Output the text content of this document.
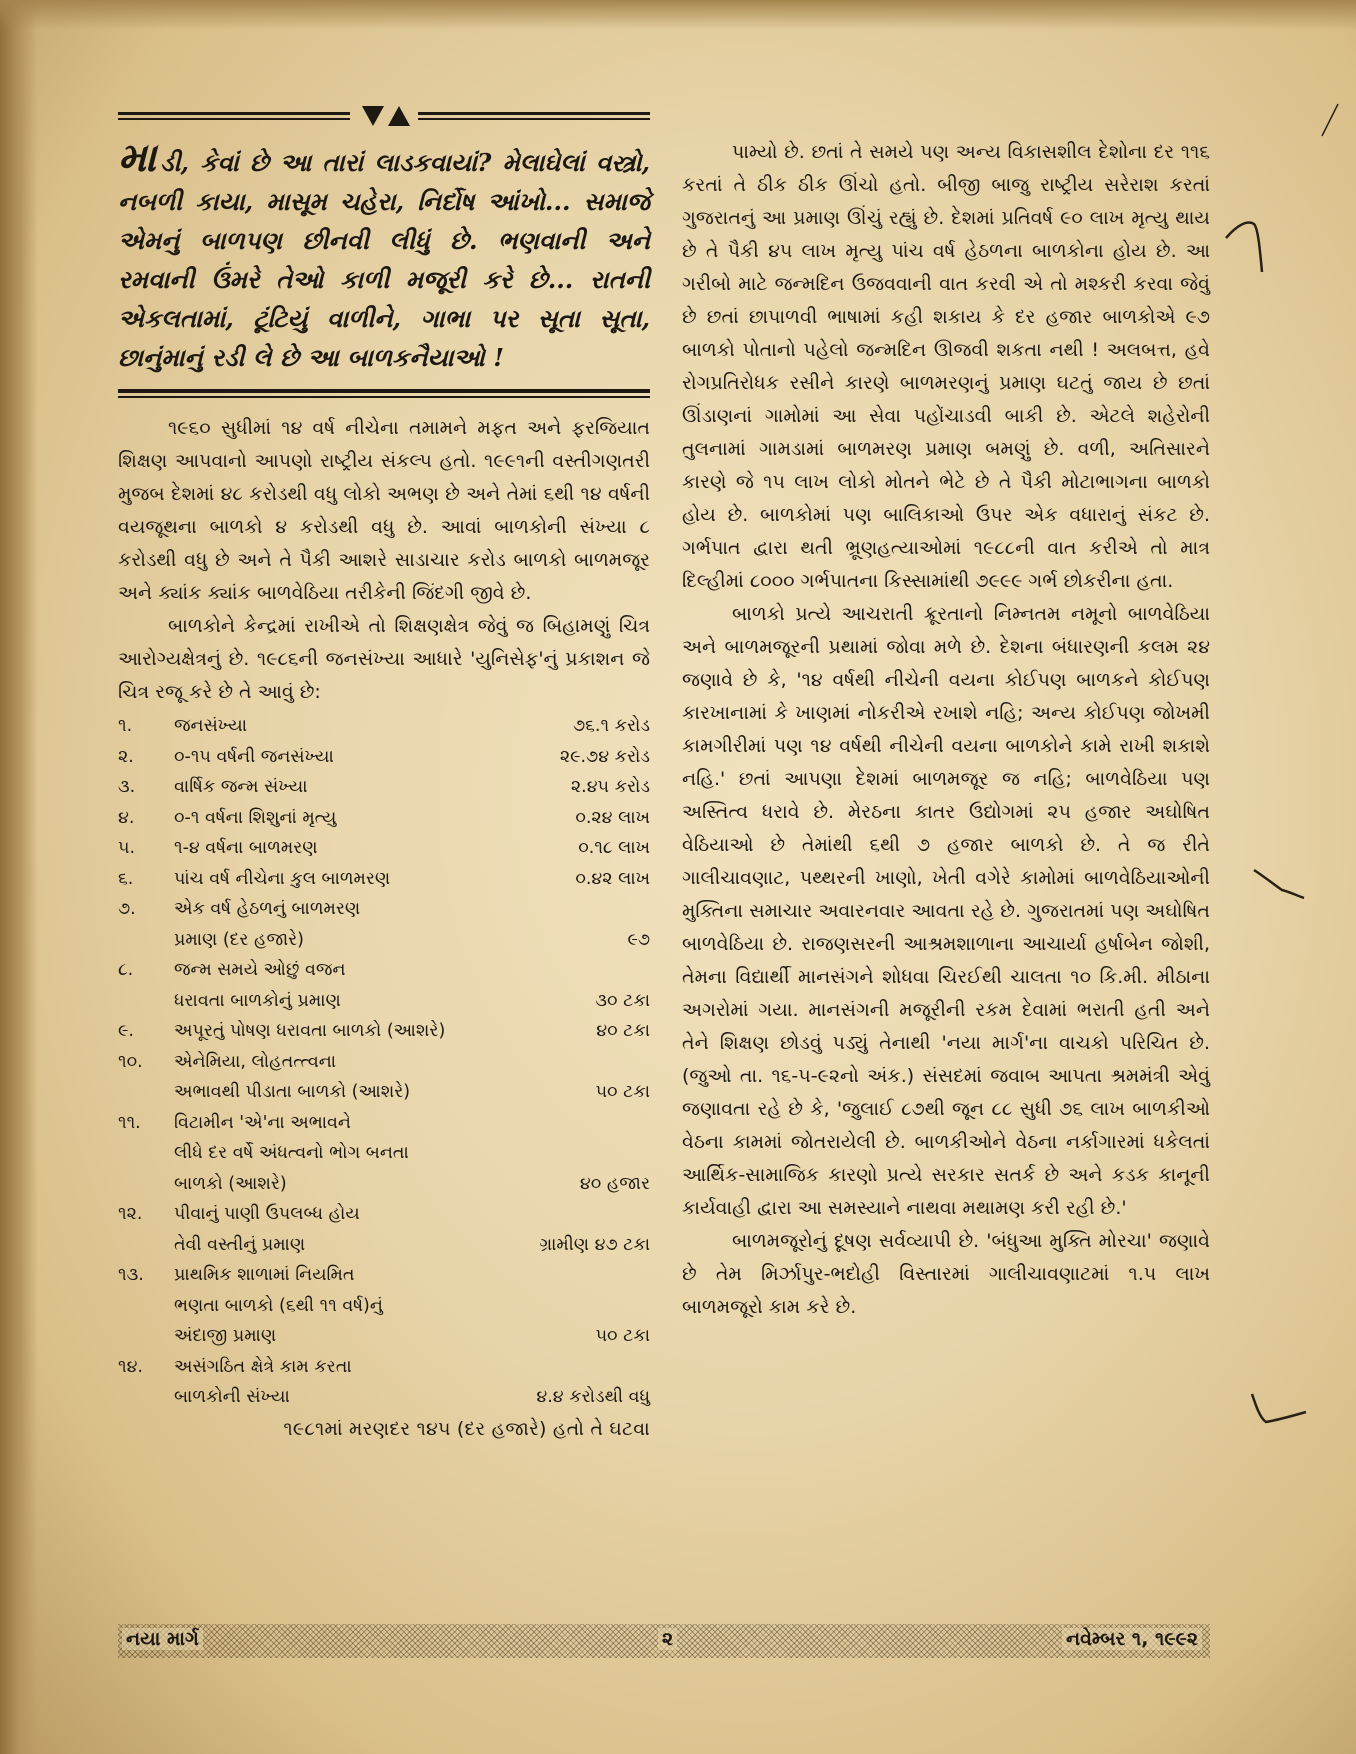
માડી, કેવાં છે આ તારાં લાડકવાયાં? મેલાઘેલાં વસ્ત્રો, નબળી કાયા, માસૂમ ચહેરા, નિર્દોષ આંખો... સમાજે એમનું બાળપણ છીનવી લીધું છે. ભણવાની અને રમવાની ઉંમરે તેઓ કાળી મજૂરી કરે છે... રાતની એકલતામાં, ટૂંટિયું વાળીને, ગાભા પર સૂતા સૂતા, છાનુંમાનું રડી લે છે આ બાળકનૈયાઓ !

૧૯૬૦ સુધીમાં ૧૪ વર્ષ નીચેના તમામને મફત અને ફરજિયાત શિક્ષણ આપવાનો આપણો રાષ્ટ્રીય સંકલ્પ હતો. ૧૯૯૧ની વસ્તીગણતરી મુજબ દેશમાં ૪૮ કરોડથી વધુ લોકો અભણ છે અને તેમાં ૬થી ૧૪ વર્ષની વયજૂથના બાળકો ૪ કરોડથી વધુ છે. આવાં બાળકોની સંખ્યા ૮ કરોડથી વધુ છે અને તે પૈકી આશરે સાડાચાર કરોડ બાળકો બાળમજૂર અને ક્યાંક ક્યાંક બાળવેઠિયા તરીકેની જિંદગી જીવે છે.

બાળકોને કેન્દ્રમાં રાખીએ તો શિક્ષણક્ષેત્ર જેવું જ બિહામણું ચિત્ર આરોગ્યક્ષેત્રનું છે. ૧૯૮૬ની જનસંખ્યા આધારે 'યુનિસેફ'નું પ્રકાશન જે ચિત્ર રજૂ કરે છે તે આવું છે:

૧.	જનસંખ્યા	૭૬.૧ કરોડ
૨.	૦-૧૫ વર્ષની જનસંખ્યા	૨૯.૭૪ કરોડ
૩.	વાર્ષિક જન્મ સંખ્યા	૨.૪૫ કરોડ
૪.	૦-૧ વર્ષના શિશુનાં મૃત્યુ	૦.૨૪ લાખ
૫.	૧-૪ વર્ષના બાળમરણ	૦.૧૮ લાખ
૬.	પાંચ વર્ષ નીચેના કુલ બાળમરણ	૦.૪૨ લાખ
૭.	એક વર્ષ હેઠળનું બાળમરણ	
	પ્રમાણ (દર હજારે)	૯૭
૮.	જન્મ સમયે ઓછું વજન	
	ધરાવતા બાળકોનું પ્રમાણ	૩૦ ટકા
૯.	અપૂરતું પોષણ ધરાવતા બાળકો (આશરે)	૪૦ ટકા
૧૦.	એનેમિયા, લોહતત્ત્વના	
	અભાવથી પીડાતા બાળકો (આશરે)	૫૦ ટકા
૧૧.	વિટામીન 'એ'ના અભાવને	
	લીધે દર વર્ષે અંધત્વનો ભોગ બનતા	
	બાળકો (આશરે)	૪૦ હજાર
૧૨.	પીવાનું પાણી ઉપલબ્ધ હોય	
	તેવી વસ્તીનું પ્રમાણ	ગ્રામીણ ૪૭ ટકા
૧૩.	પ્રાથમિક શાળામાં નિયમિત	
	ભણતા બાળકો (૬થી ૧૧ વર્ષ)નું	
	અંદાજી પ્રમાણ	૫૦ ટકા
૧૪.	અસંગઠિત ક્ષેત્રે કામ કરતા	
	બાળકોની સંખ્યા	૪.૪ કરોડથી વધુ

૧૯૮૧માં મરણદર ૧૪૫ (દર હજારે) હતો તે ઘટવા

પામ્યો છે. છતાં તે સમયે પણ અન્ય વિકાસશીલ દેશોના દર ૧૧૬ કરતાં તે ઠીક ઠીક ઊંચો હતો. બીજી બાજુ રાષ્ટ્રીય સરેરાશ કરતાં ગુજરાતનું આ પ્રમાણ ઊંચું રહ્યું છે. દેશમાં પ્રતિવર્ષ ૯૦ લાખ મૃત્યુ થાય છે તે પૈકી ૪૫ લાખ મૃત્યુ પાંચ વર્ષ હેઠળના બાળકોના હોય છે. આ ગરીબો માટે જન્મદિન ઉજવવાની વાત કરવી એ તો મશ્કરી કરવા જેવું છે છતાં છાપાળવી ભાષામાં કહી શકાય કે દર હજાર બાળકોએ ૯૭ બાળકો પોતાનો પહેલો જન્મદિન ઊજવી શકતા નથી ! અલબત્ત, હવે રોગપ્રતિરોધક રસીને કારણે બાળમરણનું પ્રમાણ ઘટતું જાય છે છતાં ઊંડાણનાં ગામોમાં આ સેવા પહોંચાડવી બાકી છે. એટલે શહેરોની તુલનામાં ગામડામાં બાળમરણ પ્રમાણ બમણું છે. વળી, અતિસારને કારણે જે ૧૫ લાખ લોકો મોતને ભેટે છે તે પૈકી મોટાભાગના બાળકો હોય છે. બાળકોમાં પણ બાલિકાઓ ઉપર એક વધારાનું સંકટ છે. ગર્ભપાત દ્વારા થતી ભ્રૂણહત્યાઓમાં ૧૯૮૮ની વાત કરીએ તો માત્ર દિલ્હીમાં ૮૦૦૦ ગર્ભપાતના કિસ્સામાંથી ૭૯૯૯ ગર્ભ છોકરીના હતા.

બાળકો પ્રત્યે આચરાતી ક્રૂરતાનો નિમ્નતમ નમૂનો બાળવેઠિયા અને બાળમજૂરની પ્રથામાં જોવા મળે છે. દેશના બંધારણની કલમ ૨૪ જણાવે છે કે, '૧૪ વર્ષથી નીચેની વયના કોઈપણ બાળકને કોઈપણ કારખાનામાં કે ખાણમાં નોકરીએ રખાશે નહિ; અન્ય કોઈપણ જોખમી કામગીરીમાં પણ ૧૪ વર્ષથી નીચેની વયના બાળકોને કામે રાખી શકાશે નહિ.' છતાં આપણા દેશમાં બાળમજૂર જ નહિ; બાળવેઠિયા પણ અસ્તિત્વ ધરાવે છે. મેરઠના કાતર ઉદ્યોગમાં ૨૫ હજાર અઘોષિત વેઠિયાઓ છે તેમાંથી ૬થી ૭ હજાર બાળકો છે. તે જ રીતે ગાલીચાવણાટ, પથ્થરની ખાણો, ખેતી વગેરે કામોમાં બાળવેઠિયાઓની મુક્તિના સમાચાર અવારનવાર આવતા રહે છે. ગુજરાતમાં પણ અઘોષિત બાળવેઠિયા છે. રાજણસરની આશ્રમશાળાના આચાર્યા હર્ષાબેન જોશી, તેમના વિદ્યાર્થી માનસંગને શોધવા ચિરઈથી ચાલતા ૧૦ કિ.મી. મીઠાના અગરોમાં ગયા. માનસંગની મજૂરીની રકમ દેવામાં ભરાતી હતી અને તેને શિક્ષણ છોડવું પડ્યું તેનાથી 'નયા માર્ગ'ના વાચકો પરિચિત છે. (જુઓ તા. ૧૬-૫-૯૨નો અંક.) સંસદમાં જવાબ આપતા શ્રમમંત્રી એવું જણાવતા રહે છે કે, 'જુલાઈ ૮૭થી જૂન ૮૮ સુધી ૭૬ લાખ બાળકીઓ વેઠના કામમાં જોતરાયેલી છે. બાળકીઓને વેઠના નર્કાગારમાં ધકેલતાં આર્થિક-સામાજિક કારણો પ્રત્યે સરકાર સતર્ક છે અને કડક કાનૂની કાર્યવાહી દ્વારા આ સમસ્યાને નાથવા મથામણ કરી રહી છે.'

બાળમજૂરોનું દૂષણ સર્વવ્યાપી છે. 'બંધુઆ મુક્તિ મોરચા' જણાવે છે તેમ મિર્ઝાપુર-ભદોહી વિસ્તારમાં ગાલીચાવણાટમાં ૧.૫ લાખ બાળમજૂરો કામ કરે છે.

નયા માર્ગ	૨	નવેમ્બર ૧, ૧૯૯૨
